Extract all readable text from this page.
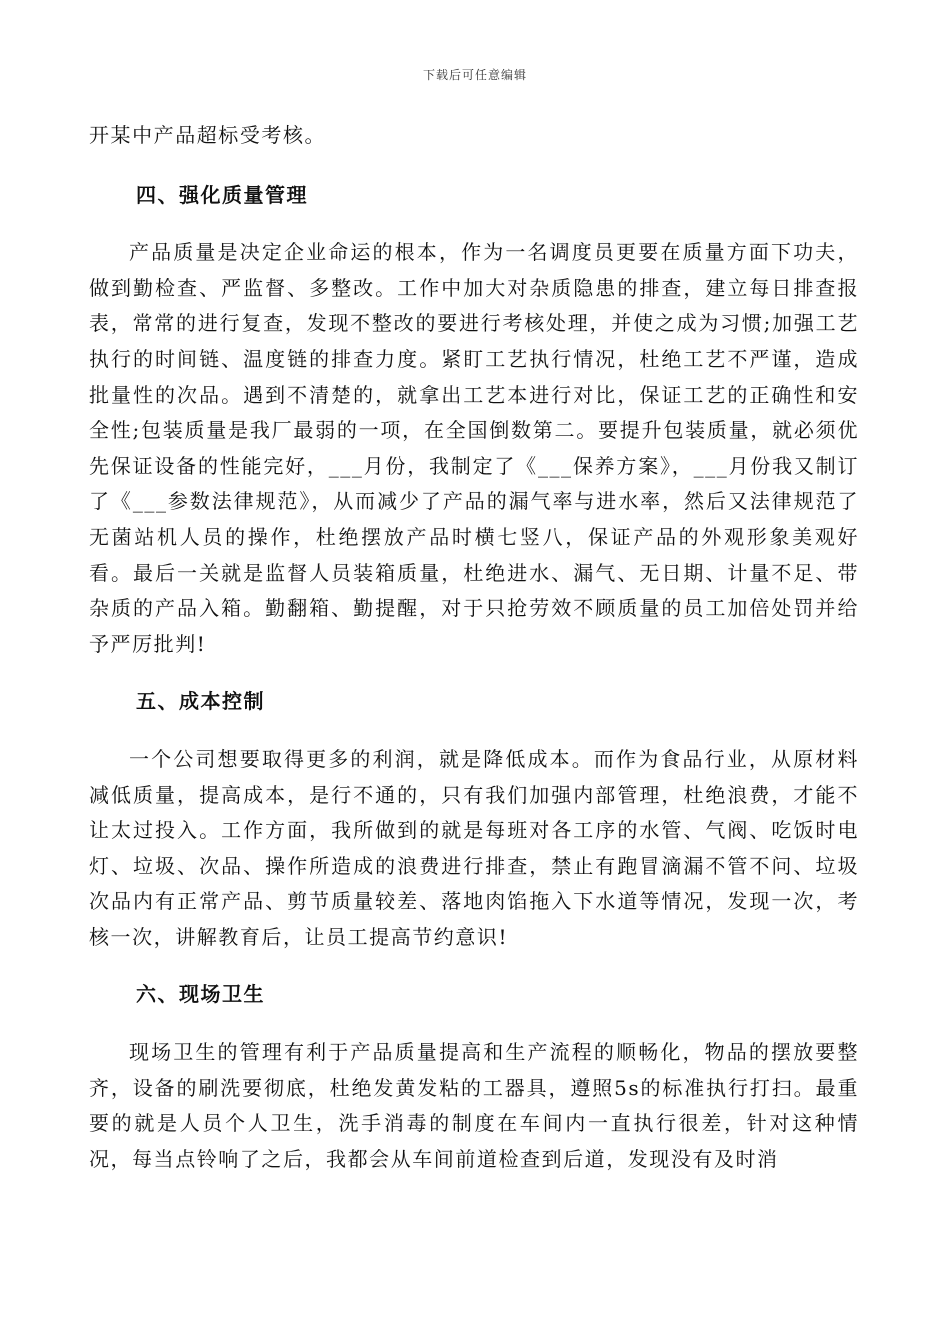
下载后可任意编辑

开某中产品超标受考核。

四、强化质量管理

产品质量是决定企业命运的根本，作为一名调度员更要在质量方面下功夫，做到勤检查、严监督、多整改。工作中加大对杂质隐患的排查，建立每日排查报表，常常的进行复查，发现不整改的要进行考核处理，并使之成为习惯;加强工艺执行的时间链、温度链的排查力度。紧盯工艺执行情况，杜绝工艺不严谨，造成批量性的次品。遇到不清楚的，就拿出工艺本进行对比，保证工艺的正确性和安全性;包装质量是我厂最弱的一项，在全国倒数第二。要提升包装质量，就必须优先保证设备的性能完好，___月份，我制定了《___保养方案》，___月份我又制订了《___参数法律规范》，从而减少了产品的漏气率与进水率，然后又法律规范了无菌站机人员的操作，杜绝摆放产品时横七竖八，保证产品的外观形象美观好看。最后一关就是监督人员装箱质量，杜绝进水、漏气、无日期、计量不足、带杂质的产品入箱。勤翻箱、勤提醒，对于只抢劳效不顾质量的员工加倍处罚并给予严厉批判!

五、成本控制

一个公司想要取得更多的利润，就是降低成本。而作为食品行业，从原材料减低质量，提高成本，是行不通的，只有我们加强内部管理，杜绝浪费，才能不让太过投入。工作方面，我所做到的就是每班对各工序的水管、气阀、吃饭时电灯、垃圾、次品、操作所造成的浪费进行排查，禁止有跑冒滴漏不管不问、垃圾次品内有正常产品、剪节质量较差、落地肉馅拖入下水道等情况，发现一次，考核一次，讲解教育后，让员工提高节约意识!

六、现场卫生

现场卫生的管理有利于产品质量提高和生产流程的顺畅化，物品的摆放要整齐，设备的刷洗要彻底，杜绝发黄发粘的工器具，遵照5s的标准执行打扫。最重要的就是人员个人卫生，洗手消毒的制度在车间内一直执行很差，针对这种情况，每当点铃响了之后，我都会从车间前道检查到后道，发现没有及时消
